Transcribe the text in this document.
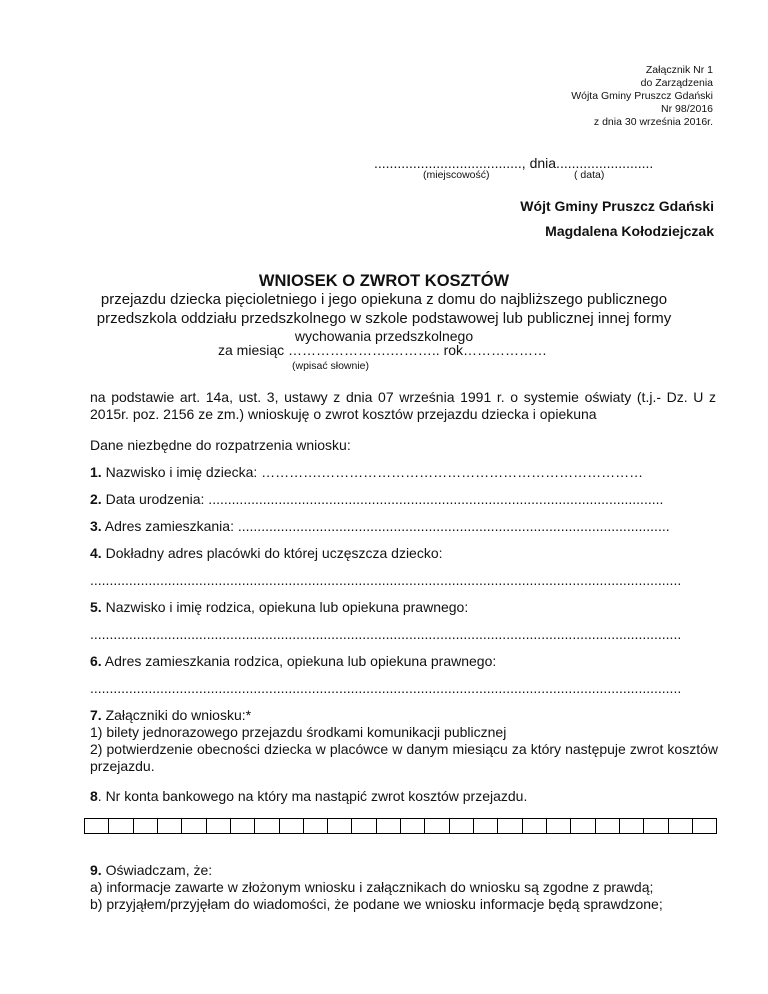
Załącznik Nr 1
do Zarządzenia
Wójta Gminy Pruszcz Gdański
Nr 98/2016
z dnia 30 września 2016r.
......................................, dnia.........................
(miejscowość)	( data)
Wójt Gminy Pruszcz Gdański
Magdalena Kołodziejczak
WNIOSEK O ZWROT KOSZTÓW
przejazdu dziecka pięcioletniego i jego opiekuna z domu do najbliższego publicznego
przedszkola oddziału przedszkolnego w szkole podstawowej lub publicznej innej formy
wychowania przedszkolnego
za miesiąc ………………….……….. rok………………
(wpisać słownie)
na podstawie art. 14a, ust. 3, ustawy z dnia 07 września 1991 r. o systemie oświaty (t.j.- Dz. U z 2015r. poz. 2156 ze zm.) wnioskuję o zwrot kosztów przejazdu dziecka i opiekuna
Dane niezbędne do rozpatrzenia wniosku:
1. Nazwisko i imię dziecka: ………….……………………………………………………………
2. Data urodzenia: .....................................................................................................................
3. Adres zamieszkania: ...............................................................................................................
4. Dokładny adres placówki do której uczęszcza dziecko:
........................................................................................................................................................
5. Nazwisko i imię rodzica, opiekuna lub opiekuna prawnego:
........................................................................................................................................................
6. Adres zamieszkania rodzica, opiekuna lub opiekuna prawnego:
........................................................................................................................................................
7. Załączniki do wniosku:*
1) bilety jednorazowego przejazdu środkami komunikacji publicznej
2) potwierdzenie obecności dziecka w placówce w danym miesiącu za który następuje zwrot kosztów przejazdu.
8. Nr konta bankowego na który ma nastąpić zwrot kosztów przejazdu.
9. Oświadczam, że:
a) informacje zawarte w złożonym wniosku i załącznikach do wniosku są zgodne z prawdą;
b) przyjąłem/przyjęłam do wiadomości, że podane we wniosku informacje będą sprawdzone;
